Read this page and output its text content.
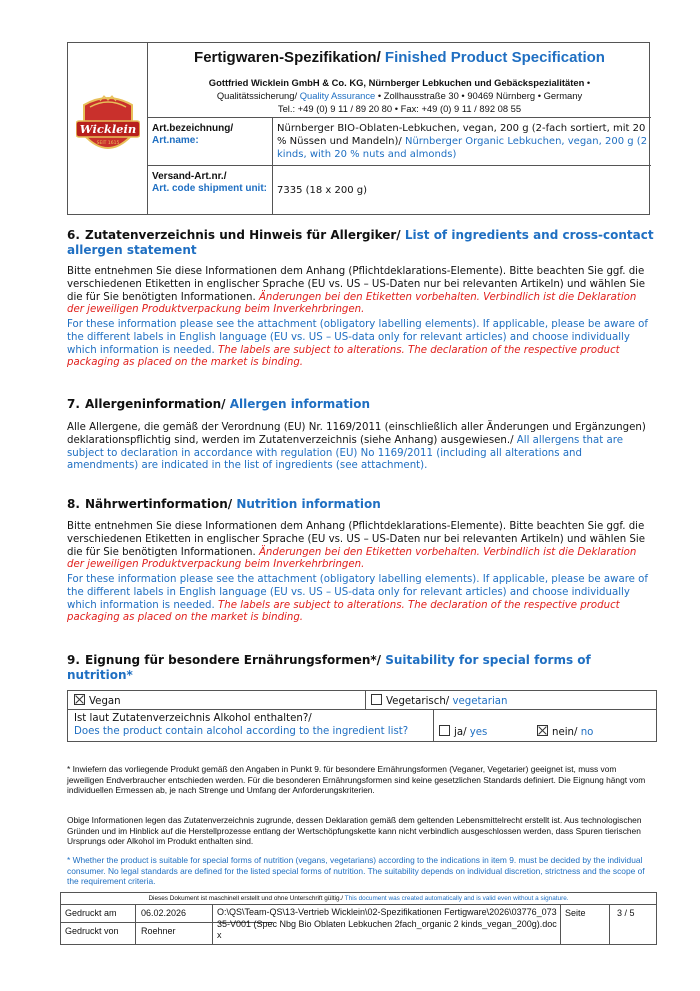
Wicklein
SEIT 1615
Fertigwaren-Spezifikation/ Finished Product Specification
Gottfried Wicklein GmbH & Co. KG, Nürnberger Lebkuchen und Gebäckspezialitäten •
Qualitätssicherung/ Quality Assurance • Zollhausstraße 30 • 90469 Nürnberg • Germany
Tel.: +49 (0) 9 11 / 89 20 80 • Fax: +49 (0) 9 11 / 892 08 55
Art.bezeichnung/
Art.name:
Nürnberger BIO-Oblaten-Lebkuchen, vegan, 200 g (2-fach sortiert, mit 20 % Nüssen und Mandeln)/ Nürnberger Organic Lebkuchen, vegan, 200 g (2 kinds, with 20 % nuts and almonds)
Versand-Art.nr./
Art. code shipment unit:	7335 (18 x 200 g)
6. Zutatenverzeichnis und Hinweis für Allergiker/ List of ingredients and cross-contact allergen statement
Bitte entnehmen Sie diese Informationen dem Anhang (Pflichtdeklarations-Elemente). Bitte beachten Sie ggf. die verschiedenen Etiketten in englischer Sprache (EU vs. US – US-Daten nur bei relevanten Artikeln) und wählen Sie die für Sie benötigten Informationen. Änderungen bei den Etiketten vorbehalten. Verbindlich ist die Deklaration der jeweiligen Produktverpackung beim Inverkehrbringen.
For these information please see the attachment (obligatory labelling elements). If applicable, please be aware of the different labels in English language (EU vs. US – US-data only for relevant articles) and choose individually which information is needed. The labels are subject to alterations. The declaration of the respective product packaging as placed on the market is binding.
7. Allergeninformation/ Allergen information
Alle Allergene, die gemäß der Verordnung (EU) Nr. 1169/2011 (einschließlich aller Änderungen und Ergänzungen) deklarationspflichtig sind, werden im Zutatenverzeichnis (siehe Anhang) ausgewiesen./ All allergens that are subject to declaration in accordance with regulation (EU) No 1169/2011 (including all alterations and amendments) are indicated in the list of ingredients (see attachment).
8. Nährwertinformation/ Nutrition information
Bitte entnehmen Sie diese Informationen dem Anhang (Pflichtdeklarations-Elemente). Bitte beachten Sie ggf. die verschiedenen Etiketten in englischer Sprache (EU vs. US – US-Daten nur bei relevanten Artikeln) und wählen Sie die für Sie benötigten Informationen. Änderungen bei den Etiketten vorbehalten. Verbindlich ist die Deklaration der jeweiligen Produktverpackung beim Inverkehrbringen.
For these information please see the attachment (obligatory labelling elements). If applicable, please be aware of the different labels in English language (EU vs. US – US-data only for relevant articles) and choose individually which information is needed. The labels are subject to alterations. The declaration of the respective product packaging as placed on the market is binding.
9. Eignung für besondere Ernährungsformen*/ Suitability for special forms of nutrition*
Vegan	Vegetarisch/ vegetarian
Ist laut Zutatenverzeichnis Alkohol enthalten?/
Does the product contain alcohol according to the ingredient list?	ja/ yes	nein/ no
* Inwiefern das vorliegende Produkt gemäß den Angaben in Punkt 9. für besondere Ernährungsformen (Veganer, Vegetarier) geeignet ist, muss vom jeweiligen Endverbraucher entschieden werden. Für die besonderen Ernährungsformen sind keine gesetzlichen Standards definiert. Die Eignung hängt vom individuellen Ermessen ab, je nach Strenge und Umfang der Anforderungskriterien.
Obige Informationen legen das Zutatenverzeichnis zugrunde, dessen Deklaration gemäß dem geltenden Lebensmittelrecht erstellt ist. Aus technologischen Gründen und im Hinblick auf die Herstellprozesse entlang der Wertschöpfungskette kann nicht verbindlich ausgeschlossen werden, dass Spuren tierischen Ursprungs oder Alkohol im Produkt enthalten sind.
* Whether the product is suitable for special forms of nutrition (vegans, vegetarians) according to the indications in item 9. must be decided by the individual consumer. No legal standards are defined for the listed special forms of nutrition. The suitability depends on individual discretion, strictness and the scope of the requirement criteria.
Dieses Dokument ist maschinell erstellt und ohne Unterschrift gültig./ This document was created automatically and is valid even without a signature.
Gedruckt am	06.02.2026
Gedruckt von Roehner
O:\QS\Team-QS\13-Vertrieb Wicklein\02-Spezifikationen Fertigware\2026\03776_07335-V001 (Spec Nbg Bio Oblaten Lebkuchen 2fach_organic 2 kinds_vegan_200g).docx
Seite	3 / 5
